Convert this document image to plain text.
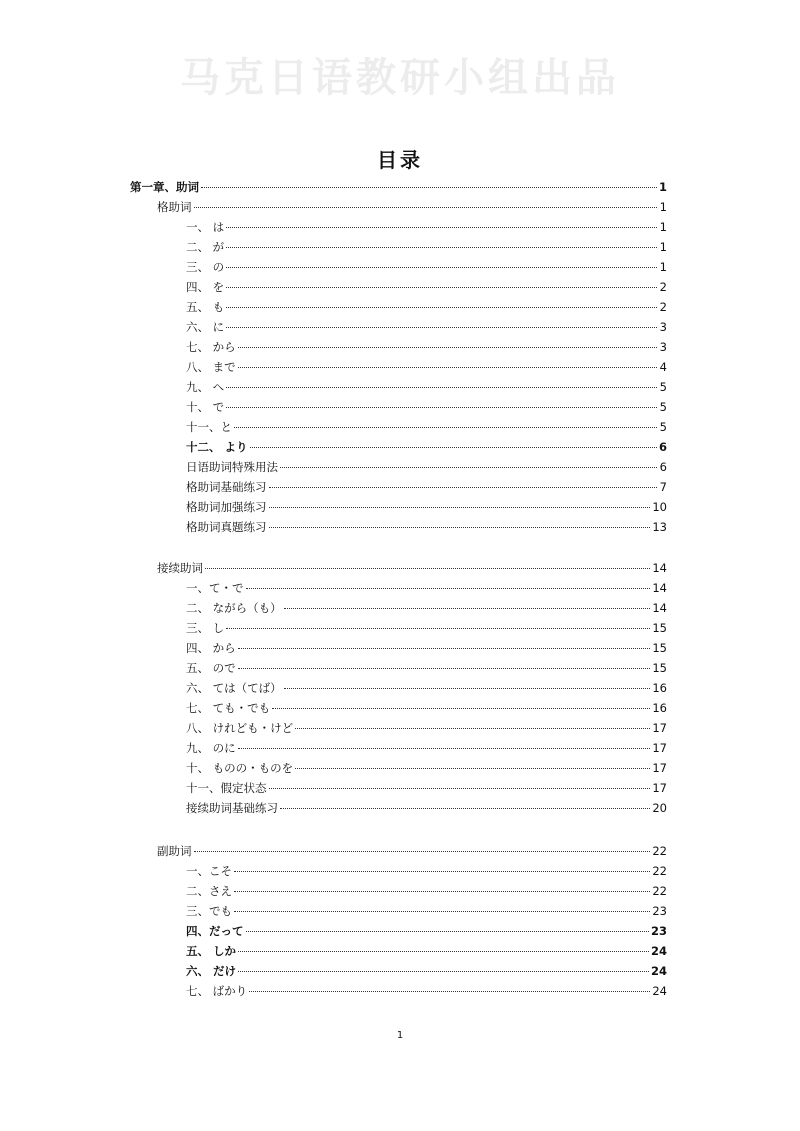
马克日语教研小组出品
目录
第一章、助词	1
格助词	1
一、 は	1
二、 が	1
三、 の	1
四、 を	2
五、 も	2
六、 に	3
七、 から	3
八、 まで	4
九、 へ	5
十、 で	5
十一、と	5
十二、 より	6
日语助词特殊用法	6
格助词基础练习	7
格助词加强练习	10
格助词真题练习	13
接续助词	14
一、て・で	14
二、 ながら（も）	14
三、 し	15
四、 から	15
五、 ので	15
六、 ては（てば）	16
七、 ても・でも	16
八、 けれども・けど	17
九、 のに	17
十、 ものの・ものを	17
十一、假定状态	17
接续助词基础练习	20
副助词	22
一、こそ	22
二、さえ	22
三、でも	23
四、だって	23
五、 しか	24
六、 だけ	24
七、 ばかり	24
1
